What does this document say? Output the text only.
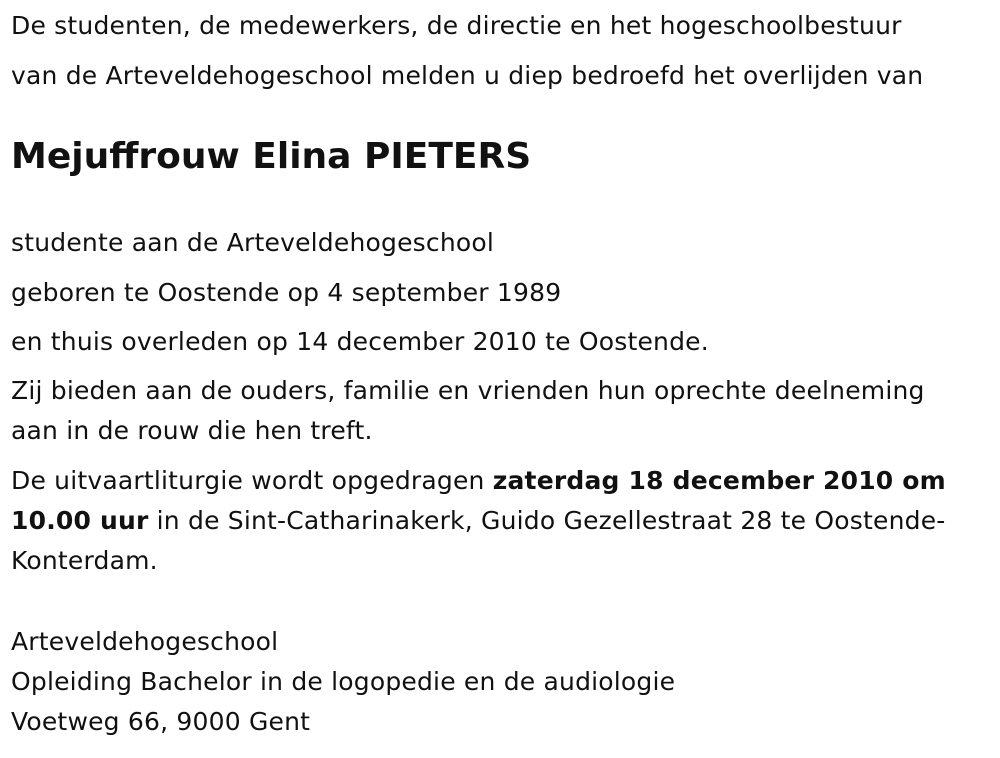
De studenten, de medewerkers, de directie en het hogeschoolbestuur

van de Arteveldehogeschool melden u diep bedroefd het overlijden van

Mejuffrouw Elina PIETERS

studente aan de Arteveldehogeschool

geboren te Oostende op 4 september 1989

en thuis overleden op 14 december 2010 te Oostende.

Zij bieden aan de ouders, familie en vrienden hun oprechte deelneming aan in de rouw die hen treft.

De uitvaartliturgie wordt opgedragen zaterdag 18 december 2010 om 10.00 uur in de Sint-Catharinakerk, Guido Gezellestraat 28 te Oostende-Konterdam.

Arteveldehogeschool

Opleiding Bachelor in de logopedie en de audiologie

Voetweg 66, 9000 Gent
